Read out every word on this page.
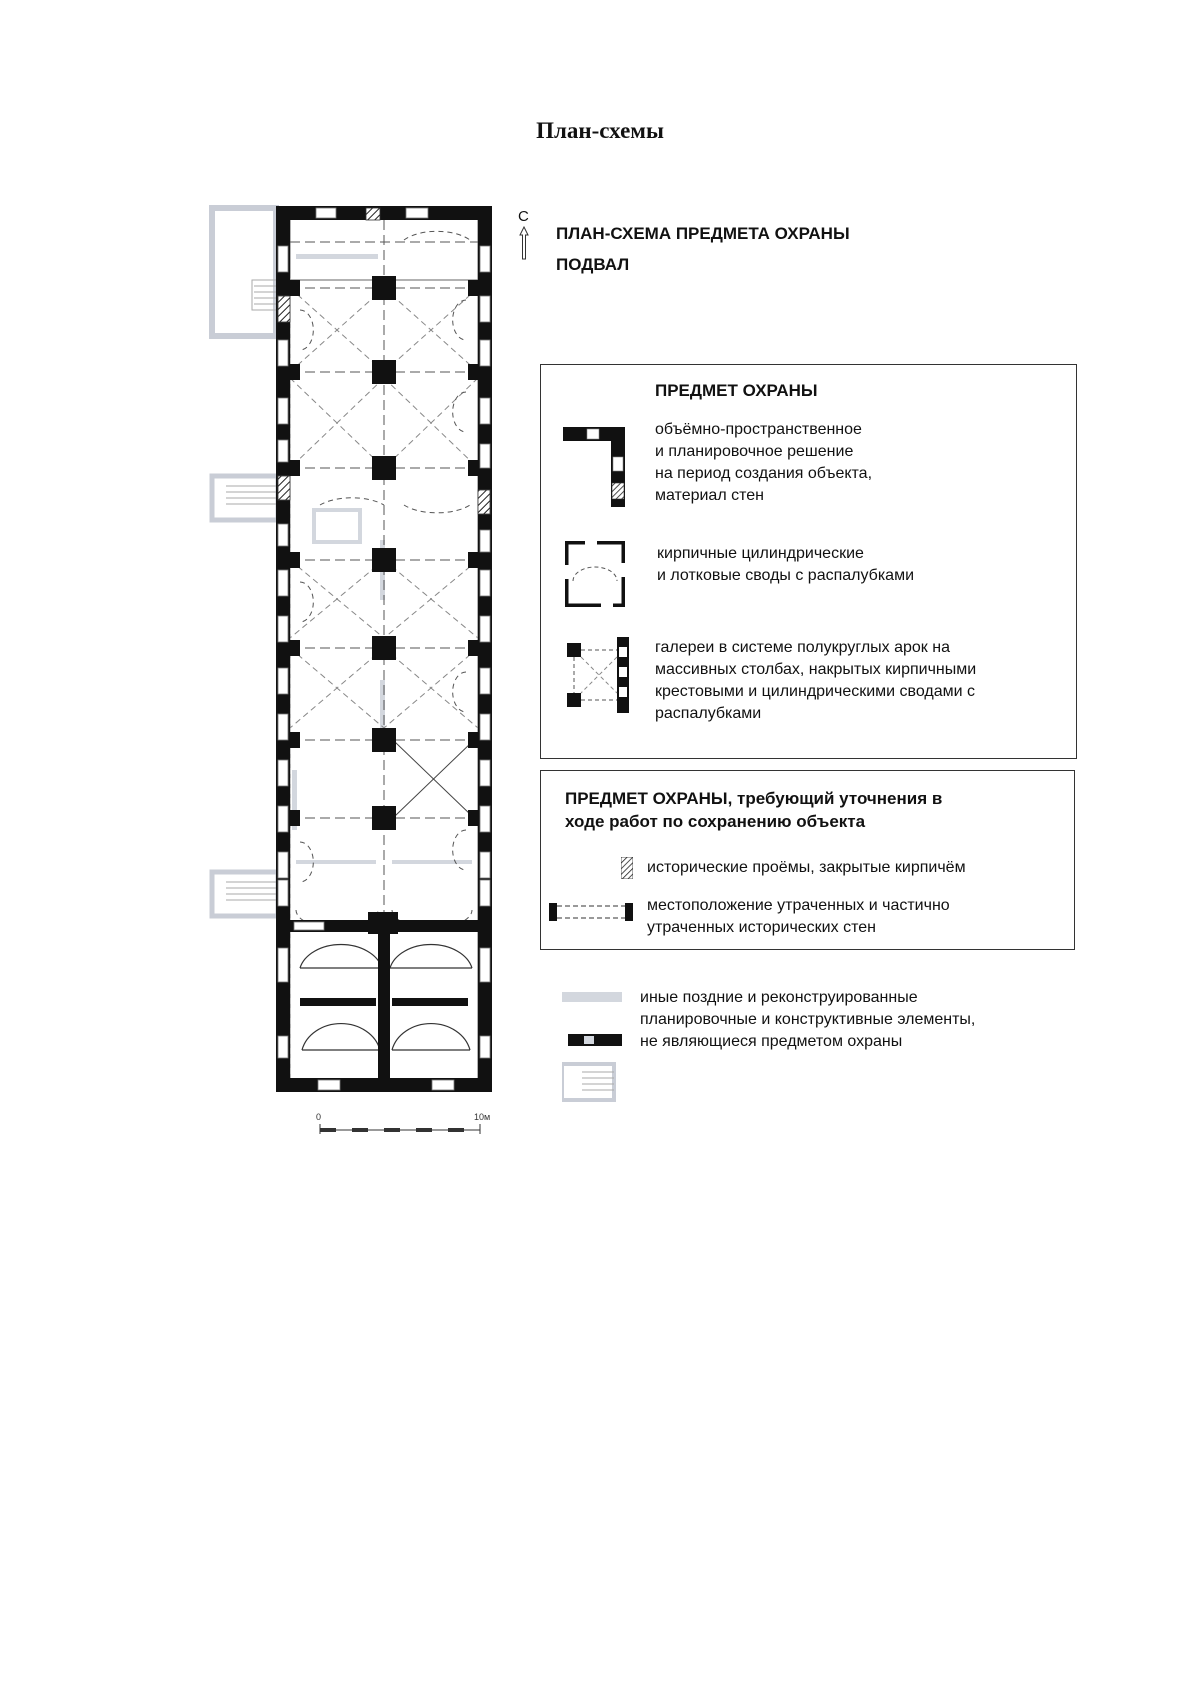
План-схемы
0	10м
С
ПЛАН-СХЕМА ПРЕДМЕТА ОХРАНЫ
ПОДВАЛ
ПРЕДМЕТ ОХРАНЫ
объёмно-пространственное
и планировочное решение
на период создания объекта,
материал стен
кирпичные цилиндрические
и лотковые своды с распалубками
галереи в системе полукруглых арок на
массивных столбах, накрытых кирпичными
крестовыми и цилиндрическими сводами с
распалубками
ПРЕДМЕТ ОХРАНЫ, требующий уточнения в
ходе работ по сохранению объекта
исторические проёмы, закрытые кирпичём
местоположение утраченных и частично
утраченных исторических стен
иные поздние и реконструированные
планировочные и конструктивные элементы,
не являющиеся предметом охраны
